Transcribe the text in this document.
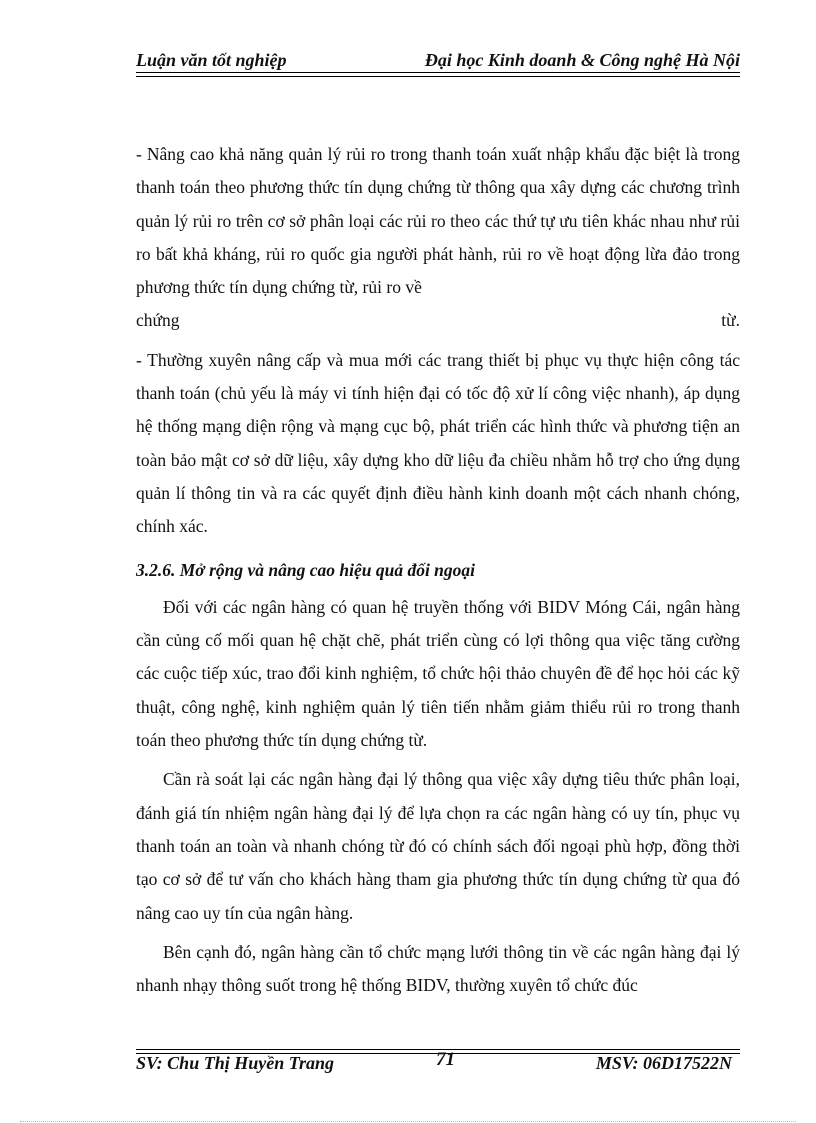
Luận văn tốt nghiệp	Đại học Kinh doanh & Công nghệ Hà Nội

- Nâng cao khả năng quản lý rủi ro trong thanh toán xuất nhập khẩu đặc biệt là trong thanh toán theo phương thức tín dụng chứng từ thông qua xây dựng các chương trình quản lý rủi ro trên cơ sở phân loại các rủi ro theo các thứ tự ưu tiên khác nhau như rủi ro bất khả kháng, rủi ro quốc gia người phát hành, rủi ro về hoạt động lừa đảo trong phương thức tín dụng chứng từ, rủi ro về

chứng	từ.

- Thường xuyên nâng cấp và mua mới các trang thiết bị phục vụ thực hiện công tác thanh toán (chủ yếu là máy vi tính hiện đại có tốc độ xử lí công việc nhanh), áp dụng hệ thống mạng diện rộng và mạng cục bộ, phát triển các hình thức và phương tiện an toàn bảo mật cơ sở dữ liệu, xây dựng kho dữ liệu đa chiều nhằm hỗ trợ cho ứng dụng quản lí thông tin và ra các quyết định điều hành kinh doanh một cách nhanh chóng, chính xác.

3.2.6. Mở rộng và nâng cao hiệu quả đối ngoại

Đối với các ngân hàng có quan hệ truyền thống với BIDV Móng Cái, ngân hàng cần củng cố mối quan hệ chặt chẽ, phát triển cùng có lợi thông qua việc tăng cường các cuộc tiếp xúc, trao đổi kinh nghiệm, tổ chức hội thảo chuyên đề để học hỏi các kỹ thuật, công nghệ, kinh nghiệm quản lý tiên tiến nhằm giảm thiểu rủi ro trong thanh toán theo phương thức tín dụng chứng từ.

Cần rà soát lại các ngân hàng đại lý thông qua việc xây dựng tiêu thức phân loại, đánh giá tín nhiệm ngân hàng đại lý để lựa chọn ra các ngân hàng có uy tín, phục vụ thanh toán an toàn và nhanh chóng từ đó có chính sách đối ngoại phù hợp, đồng thời tạo cơ sở để tư vấn cho khách hàng tham gia phương thức tín dụng chứng từ qua đó nâng cao uy tín của ngân hàng.

Bên cạnh đó, ngân hàng cần tổ chức mạng lưới thông tin về các ngân hàng đại lý nhanh nhạy thông suốt trong hệ thống BIDV, thường xuyên tổ chức đúc

SV: Chu Thị Huyền Trang	71	MSV: 06D17522N
